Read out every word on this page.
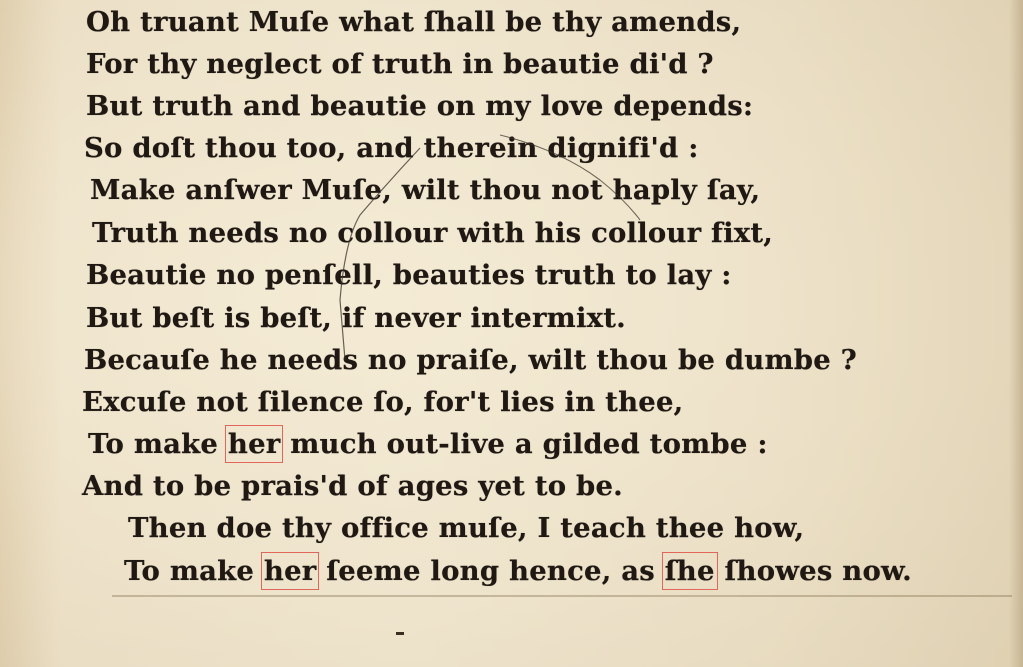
Oh truant Muſe what ſhall be thy amends,
For thy neglect of truth in beautie di'd ?
But truth and beautie on my love depends:
So doſt thou too, and therein dignifi'd :
Make anſwer Muſe, wilt thou not haply ſay,
Truth needs no collour with his collour fixt,
Beautie no penſell, beauties truth to lay :
But beſt is beſt, if never intermixt.
Becauſe he needs no praiſe, wilt thou be dumbe ?
Excuſe not ſilence ſo, for't lies in thee,
To make her much out-live a gilded tombe :
And to be prais'd of ages yet to be.
Then doe thy office muſe, I teach thee how,
To make her ſeeme long hence, as ſhe ſhowes now.
